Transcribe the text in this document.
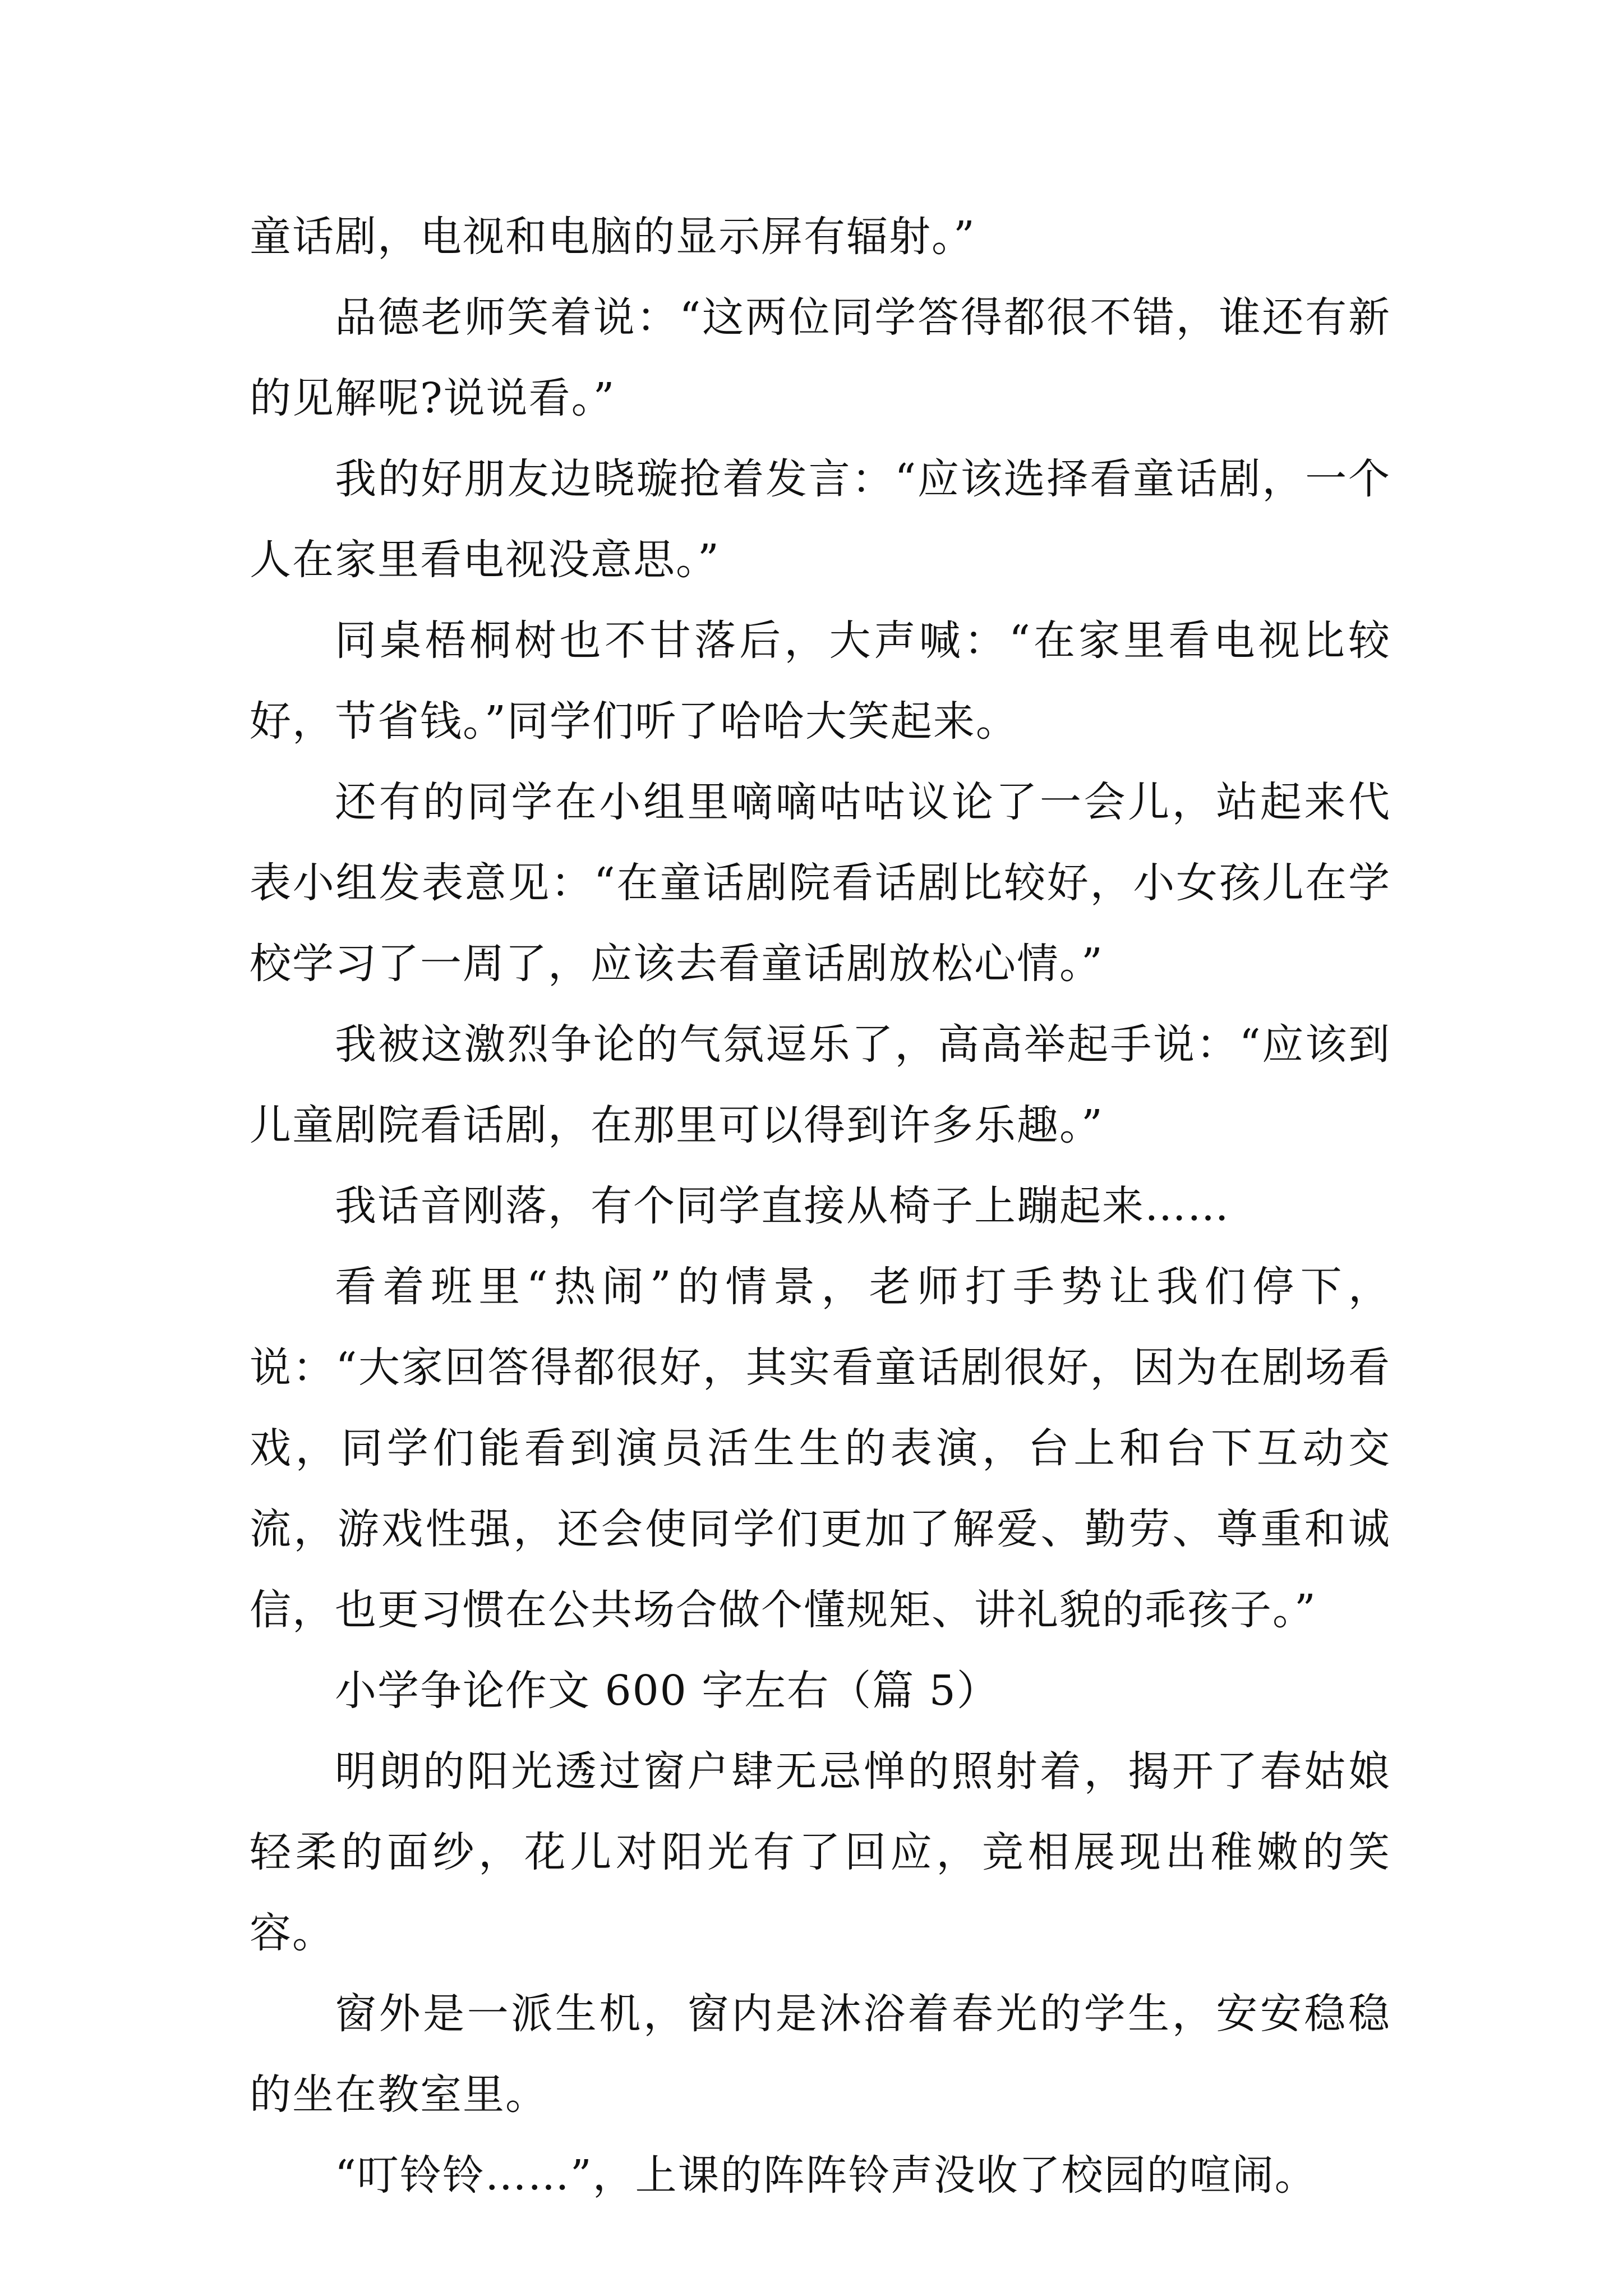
童话剧，电视和电脑的显示屏有辐射。”

品德老师笑着说：“这两位同学答得都很不错，谁还有新的见解呢?说说看。”

我的好朋友边晓璇抢着发言：“应该选择看童话剧，一个人在家里看电视没意思。”

同桌梧桐树也不甘落后，大声喊：“在家里看电视比较好，节省钱。”同学们听了哈哈大笑起来。

还有的同学在小组里嘀嘀咕咕议论了一会儿，站起来代表小组发表意见：“在童话剧院看话剧比较好，小女孩儿在学校学习了一周了，应该去看童话剧放松心情。”

我被这激烈争论的气氛逗乐了，高高举起手说：“应该到儿童剧院看话剧，在那里可以得到许多乐趣。”

我话音刚落，有个同学直接从椅子上蹦起来……

看着班里“热闹”的情景，老师打手势让我们停下，说：“大家回答得都很好，其实看童话剧很好，因为在剧场看戏，同学们能看到演员活生生的表演，台上和台下互动交流，游戏性强，还会使同学们更加了解爱、勤劳、尊重和诚信，也更习惯在公共场合做个懂规矩、讲礼貌的乖孩子。”

小学争论作文 600 字左右（篇 5）

明朗的阳光透过窗户肆无忌惮的照射着，揭开了春姑娘轻柔的面纱，花儿对阳光有了回应，竞相展现出稚嫩的笑容。

窗外是一派生机，窗内是沐浴着春光的学生，安安稳稳的坐在教室里。

“叮铃铃……”，上课的阵阵铃声没收了校园的喧闹。
